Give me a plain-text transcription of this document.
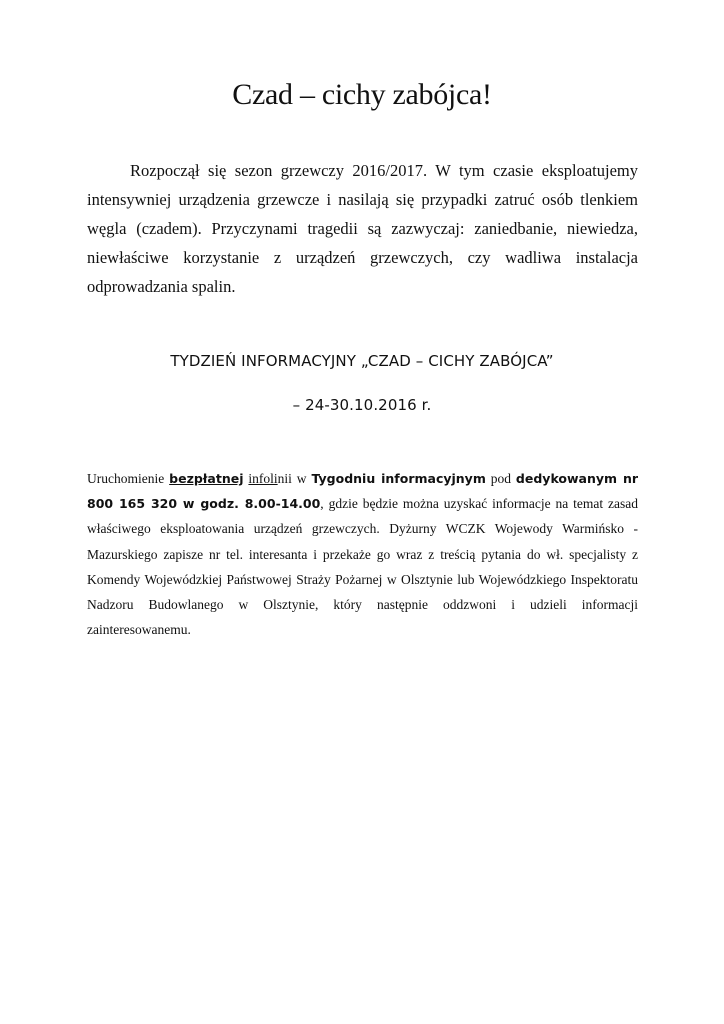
Czad – cichy zabójca!

Rozpoczął się sezon grzewczy 2016/2017. W tym czasie eksploatujemy intensywniej urządzenia grzewcze i nasilają się przypadki zatruć osób tlenkiem węgla (czadem). Przyczynami tragedii są zazwyczaj: zaniedbanie, niewiedza, niewłaściwe korzystanie z urządzeń grzewczych, czy wadliwa instalacja odprowadzania spalin.

TYDZIEŃ INFORMACYJNY „CZAD – CICHY ZABÓJCA”
– 24-30.10.2016 r.

Uruchomienie bezpłatnej infolinii w Tygodniu informacyjnym pod dedykowanym nr 800 165 320 w godz. 8.00-14.00, gdzie będzie można uzyskać informacje na temat zasad właściwego eksploatowania urządzeń grzewczych. Dyżurny WCZK Wojewody Warmińsko - Mazurskiego zapisze nr tel. interesanta i przekaże go wraz z treścią pytania do wł. specjalisty z Komendy Wojewódzkiej Państwowej Straży Pożarnej w Olsztynie lub Wojewódzkiego Inspektoratu Nadzoru Budowlanego w Olsztynie, który następnie oddzwoni i udzieli informacji zainteresowanemu.
